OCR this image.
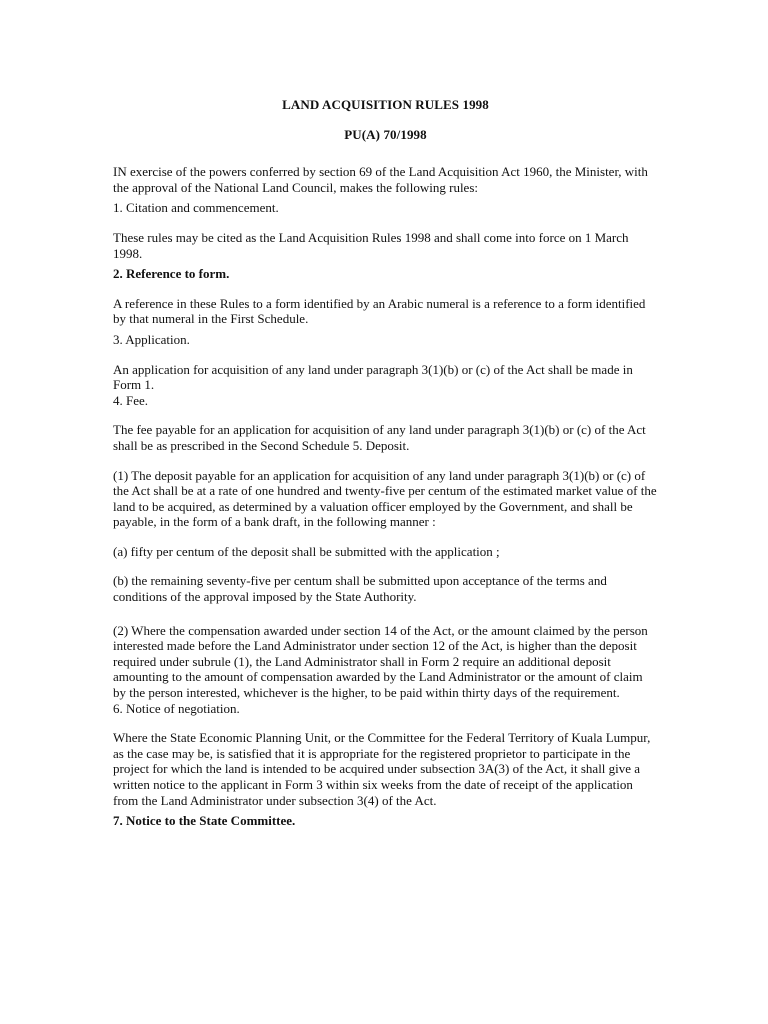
LAND ACQUISITION RULES 1998

PU(A) 70/1998

IN exercise of the powers conferred by section 69 of the Land Acquisition Act 1960, the Minister, with the approval of the National Land Council, makes the following rules:

1. Citation and commencement.

These rules may be cited as the Land Acquisition Rules 1998 and shall come into force on 1 March 1998.

2. Reference to form.

A reference in these Rules to a form identified by an Arabic numeral is a reference to a form identified by that numeral in the First Schedule.

3. Application.

An application for acquisition of any land under paragraph 3(1)(b) or (c) of the Act shall be made in Form 1.

4. Fee.

The fee payable for an application for acquisition of any land under paragraph 3(1)(b) or (c) of the Act shall be as prescribed in the Second Schedule 5. Deposit.

(1) The deposit payable for an application for acquisition of any land under paragraph 3(1)(b) or (c) of the Act shall be at a rate of one hundred and twenty-five per centum of the estimated market value of the land to be acquired, as determined by a valuation officer employed by the Government, and shall be payable, in the form of a bank draft, in the following manner :

(a) fifty per centum of the deposit shall be submitted with the application ;

(b) the remaining seventy-five per centum shall be submitted upon acceptance of the terms and conditions of the approval imposed by the State Authority.

(2) Where the compensation awarded under section 14 of the Act, or the amount claimed by the person interested made before the Land Administrator under section 12 of the Act, is higher than the deposit required under subrule (1), the Land Administrator shall in Form 2 require an additional deposit amounting to the amount of compensation awarded by the Land Administrator or the amount of claim by the person interested, whichever is the higher, to be paid within thirty days of the requirement.

6. Notice of negotiation.

Where the State Economic Planning Unit, or the Committee for the Federal Territory of Kuala Lumpur, as the case may be, is satisfied that it is appropriate for the registered proprietor to participate in the project for which the land is intended to be acquired under subsection 3A(3) of the Act, it shall give a written notice to the applicant in Form 3 within six weeks from the date of receipt of the application from the Land Administrator under subsection 3(4) of the Act.

7. Notice to the State Committee.
